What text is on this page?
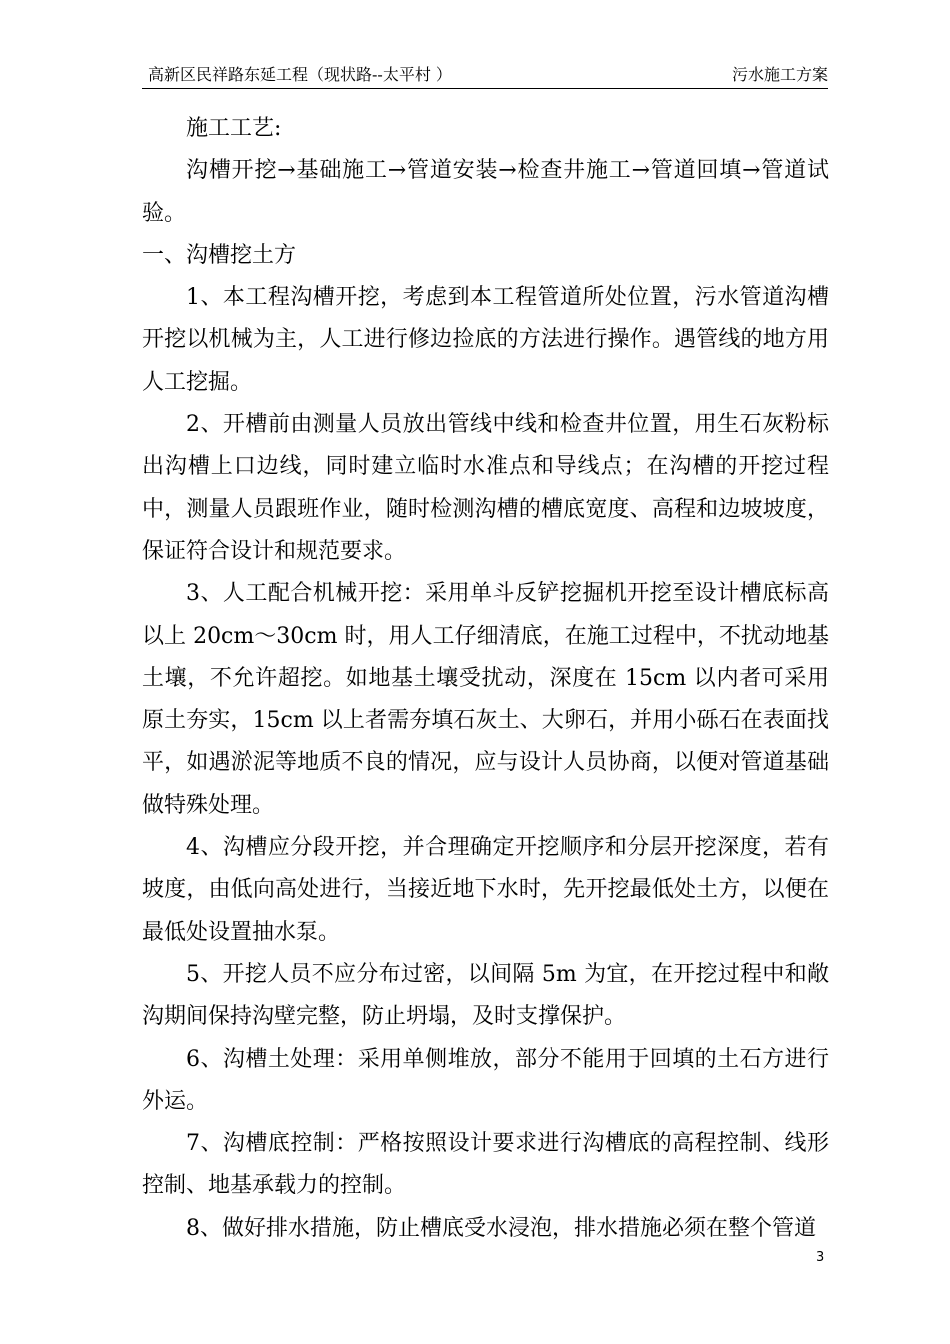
高新区民祥路东延工程（现状路--太平村 ）	污水施工方案

施工工艺:

沟槽开挖→基础施工→管道安装→检查井施工→管道回填→管道试验。

一、沟槽挖土方

1、本工程沟槽开挖，考虑到本工程管道所处位置，污水管道沟槽开挖以机械为主，人工进行修边捡底的方法进行操作。遇管线的地方用人工挖掘。

2、开槽前由测量人员放出管线中线和检查井位置，用生石灰粉标出沟槽上口边线，同时建立临时水准点和导线点；在沟槽的开挖过程中，测量人员跟班作业，随时检测沟槽的槽底宽度、高程和边坡坡度，保证符合设计和规范要求。

3、人工配合机械开挖：采用单斗反铲挖掘机开挖至设计槽底标高以上 20cm～30cm 时，用人工仔细清底，在施工过程中，不扰动地基土壤，不允许超挖。如地基土壤受扰动，深度在 15cm 以内者可采用原土夯实，15cm 以上者需夯填石灰土、大卵石，并用小砾石在表面找平，如遇淤泥等地质不良的情况，应与设计人员协商，以便对管道基础做特殊处理。

4、沟槽应分段开挖，并合理确定开挖顺序和分层开挖深度，若有坡度，由低向高处进行，当接近地下水时，先开挖最低处土方，以便在最低处设置抽水泵。

5、开挖人员不应分布过密，以间隔 5m 为宜，在开挖过程中和敞沟期间保持沟壁完整，防止坍塌，及时支撑保护。

6、沟槽土处理：采用单侧堆放，部分不能用于回填的土石方进行外运。

7、沟槽底控制：严格按照设计要求进行沟槽底的高程控制、线形控制、地基承载力的控制。

8、做好排水措施，防止槽底受水浸泡，排水措施必须在整个管道

3
